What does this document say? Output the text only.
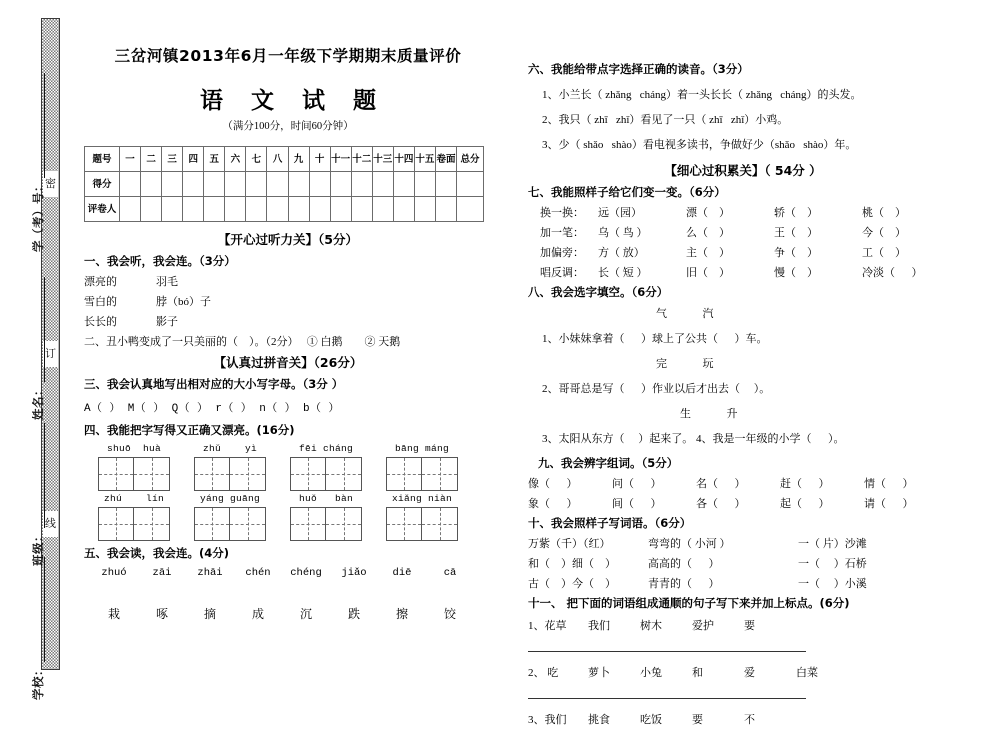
密
订
线
学（考）号：
姓名：
班级：
学校：
三岔河镇2013年6月一年级下学期期末质量评价
语 文 试 题
（满分100分，时间60分钟）
题号	一	二	三	四	五	六	七	八	九	十	十一	十二	十三	十四	十五	卷面	总分
得分																	
评卷人																	
【开心过听力关】（5分）
一、我会听，我会连。（3分）
漂亮的	羽毛
雪白的	脖（bó）子
长长的	影子
二、丑小鸭变成了一只美丽的（    ）。（2分）   ① 白鹅        ② 天鹅
【认真过拼音关】（26分）
三、我会认真地写出相对应的大小写字母。（3分 ）
A（ ） M（ ） Q（ ） r（ ） n（ ） b（ ）
四、我能把字写得又正确又漂亮。(16分)
shuō  huà	zhǔ    yì	fēi cháng	bāng máng
zhú    lín	yáng guāng	huǒ   bàn	xiǎng niàn
五、我会读，我会连。(4分)
zhuó	zāi	zhāi	chén	chéng	jiǎo	diē	cā
栽	啄	摘	成	沉	跌	擦	饺
六、我能给带点字选择正确的读音。（3分）
1、小兰长（ zhǎng   cháng）着一头长长（ zhǎng   cháng）的头发。
2、我只（ zhī   zhǐ）看见了一只（ zhī   zhǐ）小鸡。
3、少（ shǎo   shào）看电视多读书，争做好少（shǎo   shào）年。
【细心过积累关】（ 54分 ）
七、我能照样子给它们变一变。（6分）
换一换：	远（园）	漂（    ）	轿（    ）	桃（    ）
加一笔：	乌（ 鸟 ）	么（    ）	王（    ）	今（    ）
加偏旁：	方（ 放）	主（    ）	争（    ）	工（    ）
唱反调：	长（ 短 ）	旧（    ）	慢（    ）	冷淡（      ）
八、我会选字填空。（6分）
气 汽
1、小妹妹拿着（      ）球上了公共（      ）车。
完 玩
2、哥哥总是写（      ）作业以后才出去（     ）。
生 升
3、太阳从东方（     ）起来了。 4、我是一年级的小学（      ）。
九、我会辨字组词。（5分）
像（      ）	问（      ）	名（      ）	赶（      ）	情（      ）
象（      ）	间（      ）	各（      ）	起（      ）	请（      ）
十、我会照样子写词语。（6分）
万紫（千）（红）	弯弯的（ 小河 ）	一（ 片）沙滩
和（    ）细（    ）	高高的（      ）	一（     ）石桥
古（    ）今（    ）	青青的（      ）	一（     ）小溪
十一、 把下面的词语组成通顺的句子写下来并加上标点。(6分)
1、花草	我们	树木	爱护	要
2、 吃	萝卜	小兔	和	爱	白菜
3、我们	挑食	吃饭	要	不
